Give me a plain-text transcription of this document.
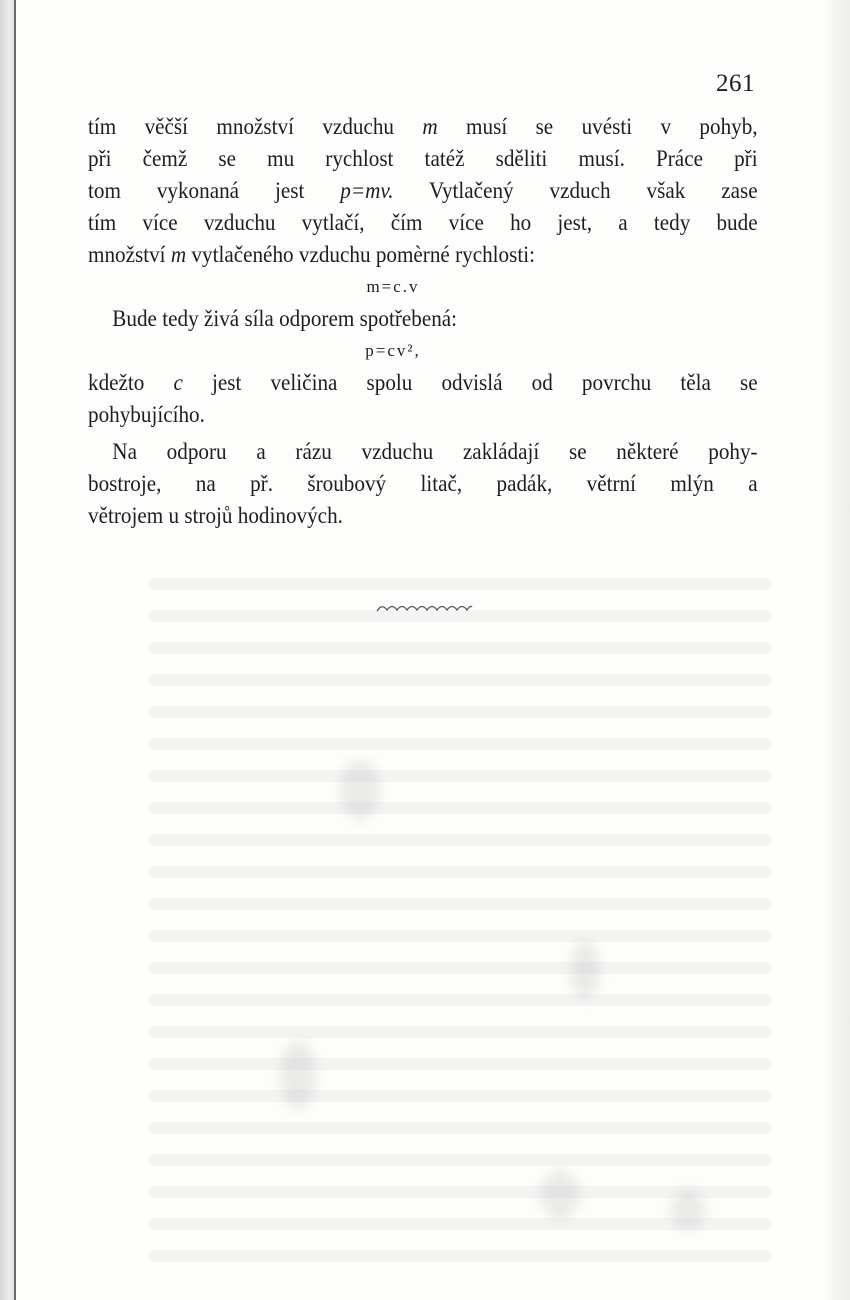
261
tím věčší množství vzduchu m musí se uvésti v pohyb,
při čemž se mu rychlost tatéž sděliti musí. Práce při
tom vykonaná jest p=mv. Vytlačený vzduch však zase
tím více vzduchu vytlačí, čím více ho jest, a tedy bude
množství m vytlačeného vzduchu pomèrné rychlosti:
m=c.v
Bude tedy živá síla odporem spotřebená:
p=cv²,
kdežto c jest veličina spolu odvislá od povrchu těla se
pohybujícího.
Na odporu a rázu vzduchu zakládají se některé pohy-
bostroje, na př. šroubový litač, padák, větrní mlýn a
větrojem u strojů hodinových.
